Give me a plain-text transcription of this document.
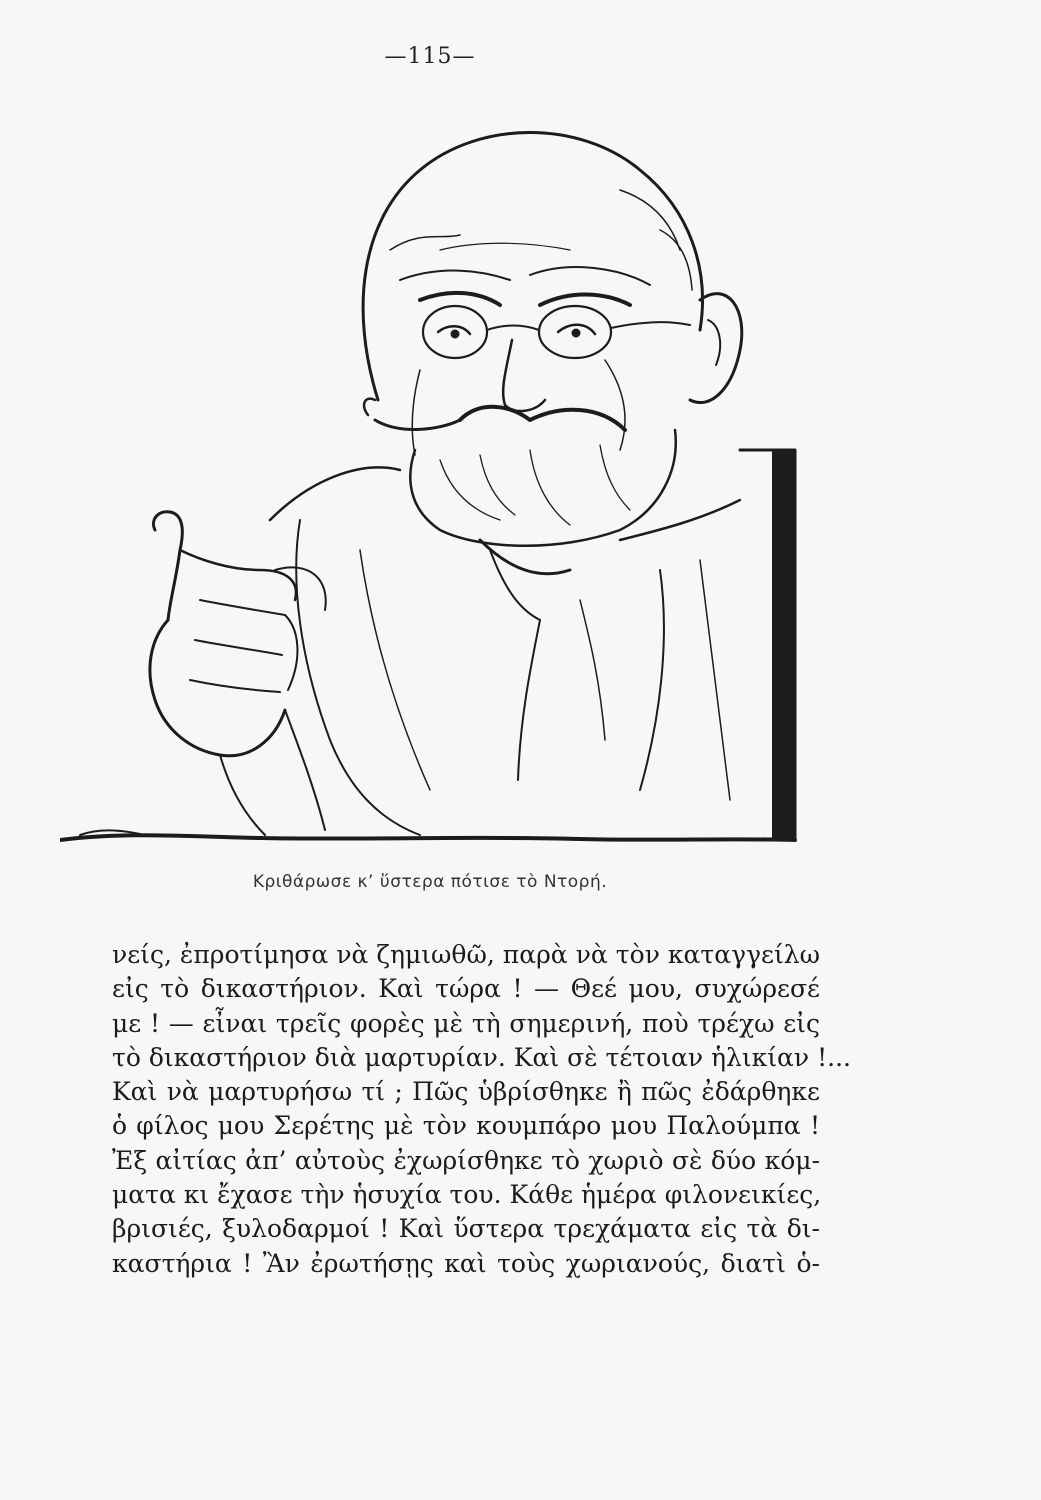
—115—
Κριθάρωσε κ’ ὕστερα πότισε τὸ Ντορή.
νείς, ἐπροτίμησα νὰ ζημιωθῶ, παρὰ νὰ τὸν καταγγείλω
εἰς τὸ δικαστήριον. Καὶ τώρα ! — Θεέ μου, συχώρεσέ
με ! — εἶναι τρεῖς φορὲς μὲ τὴ σημερινή, ποὺ τρέχω εἰς
τὸ δικαστήριον διὰ μαρτυρίαν. Καὶ σὲ τέτοιαν ἡλικίαν !...
Καὶ νὰ μαρτυρήσω τί ; Πῶς ὑβρίσθηκε ἢ πῶς ἐδάρθηκε
ὁ φίλος μου Σερέτης μὲ τὸν κουμπάρο μου Παλούμπα !
Ἐξ αἰτίας ἀπ’ αὐτοὺς ἐχωρίσθηκε τὸ χωριὸ σὲ δύο κόμ-
ματα κι ἔχασε τὴν ἡσυχία του. Κάθε ἡμέρα φιλονεικίες,
βρισιές, ξυλοδαρμοί ! Καὶ ὕστερα τρεχάματα εἰς τὰ δι-
καστήρια ! Ἂν ἐρωτήσῃς καὶ τοὺς χωριανούς, διατὶ ὁ-
